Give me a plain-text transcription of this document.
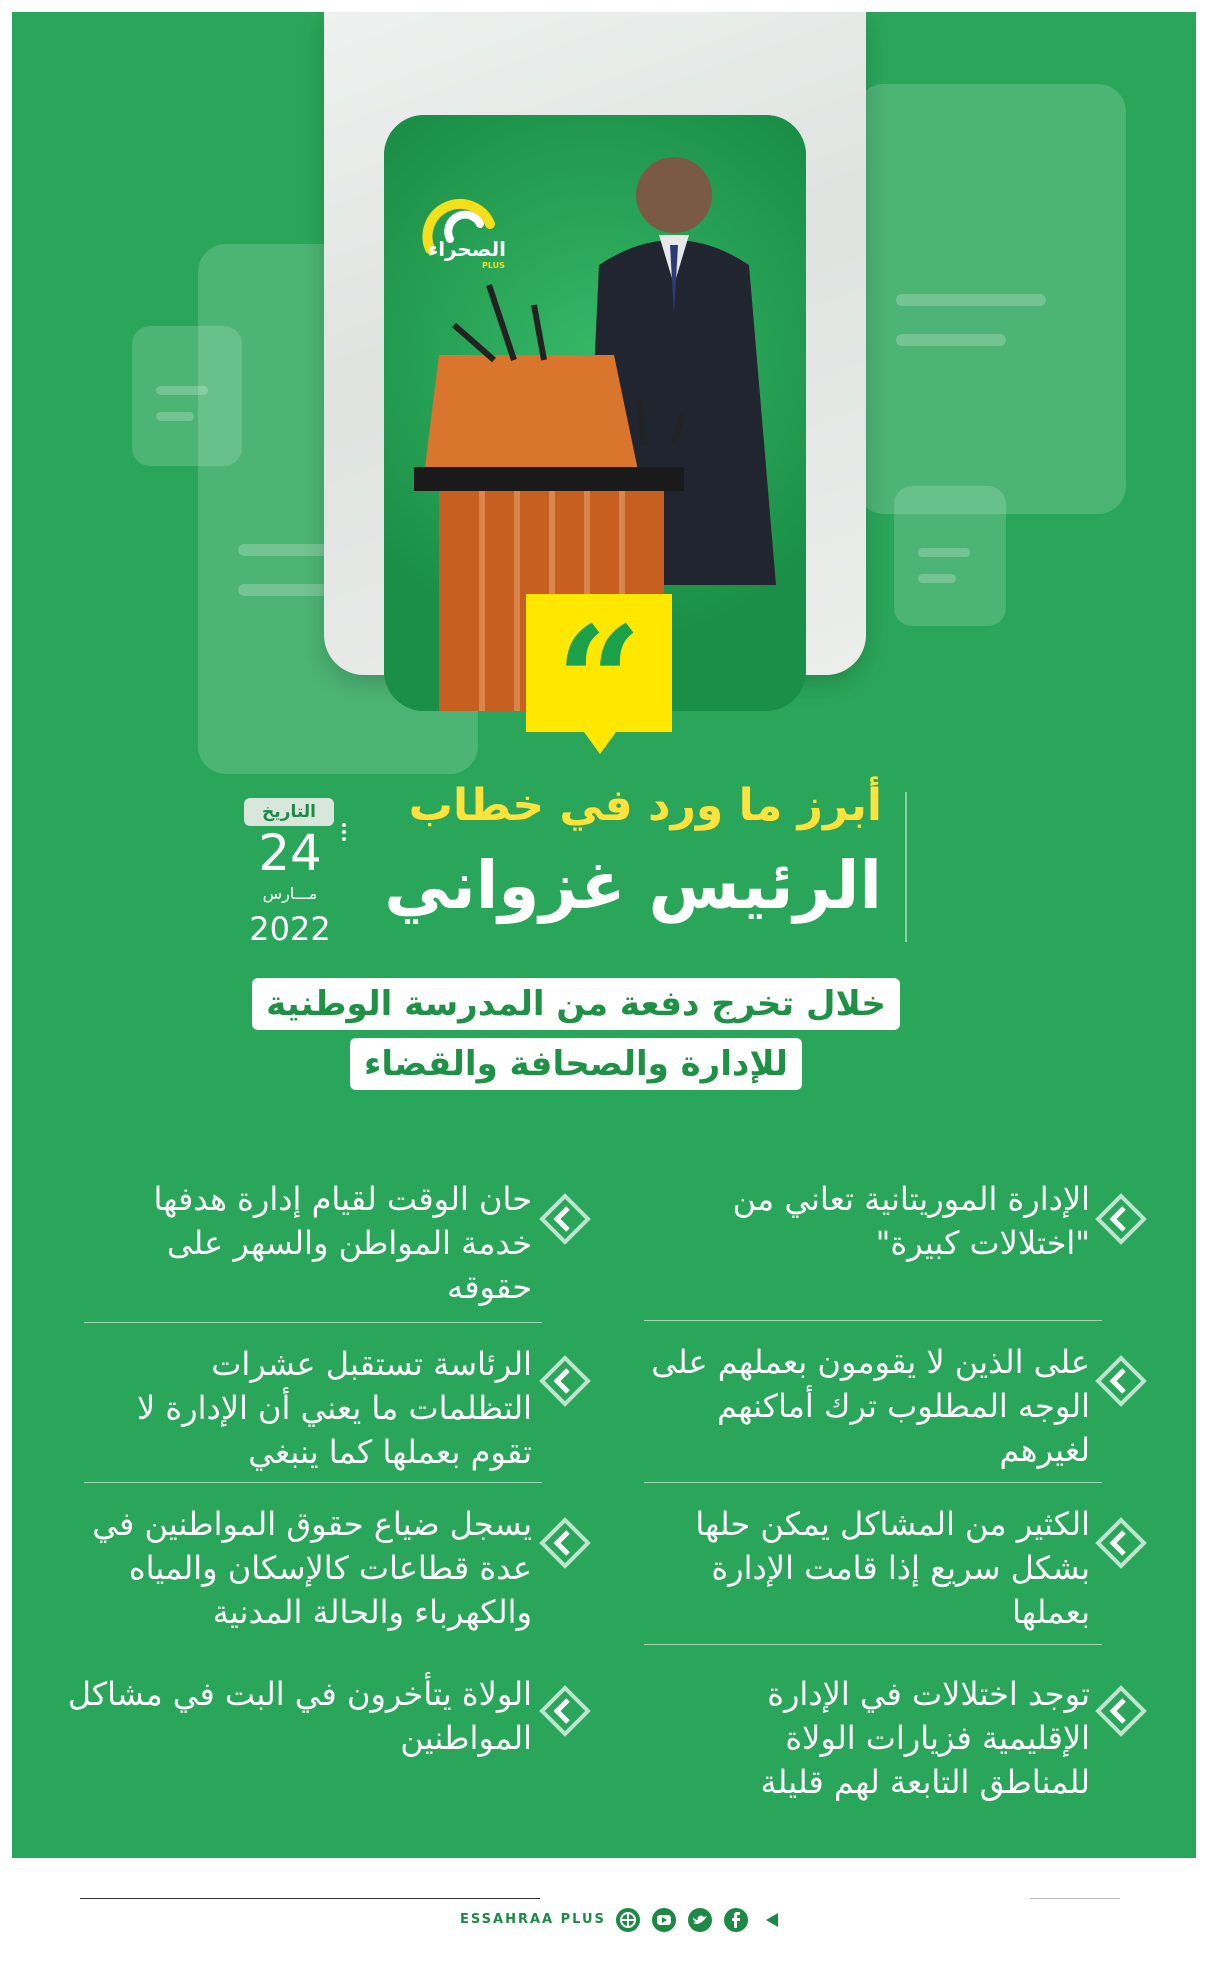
الصحراء
PLUS
“
أبرز ما ورد في خطاب
الرئيس غزواني
التاريخ
24
مـــارس
2022
خلال تخرج دفعة من المدرسة الوطنية
للإدارة والصحافة والقضاء
الإدارة الموريتانية تعاني من "اختلالات كبيرة"
على الذين لا يقومون بعملهم على الوجه المطلوب ترك أماكنهم لغيرهم
الكثير من المشاكل يمكن حلها بشكل سريع إذا قامت الإدارة بعملها
توجد اختلالات في الإدارة الإقليمية فزيارات الولاة للمناطق التابعة لهم قليلة
حان الوقت لقيام إدارة هدفها خدمة المواطن والسهر على حقوقه
الرئاسة تستقبل عشرات التظلمات ما يعني أن الإدارة لا تقوم بعملها كما ينبغي
يسجل ضياع حقوق المواطنين في عدة قطاعات كالإسكان والمياه والكهرباء والحالة المدنية
الولاة يتأخرون في البت في مشاكل المواطنين
ESSAHRAA PLUS
